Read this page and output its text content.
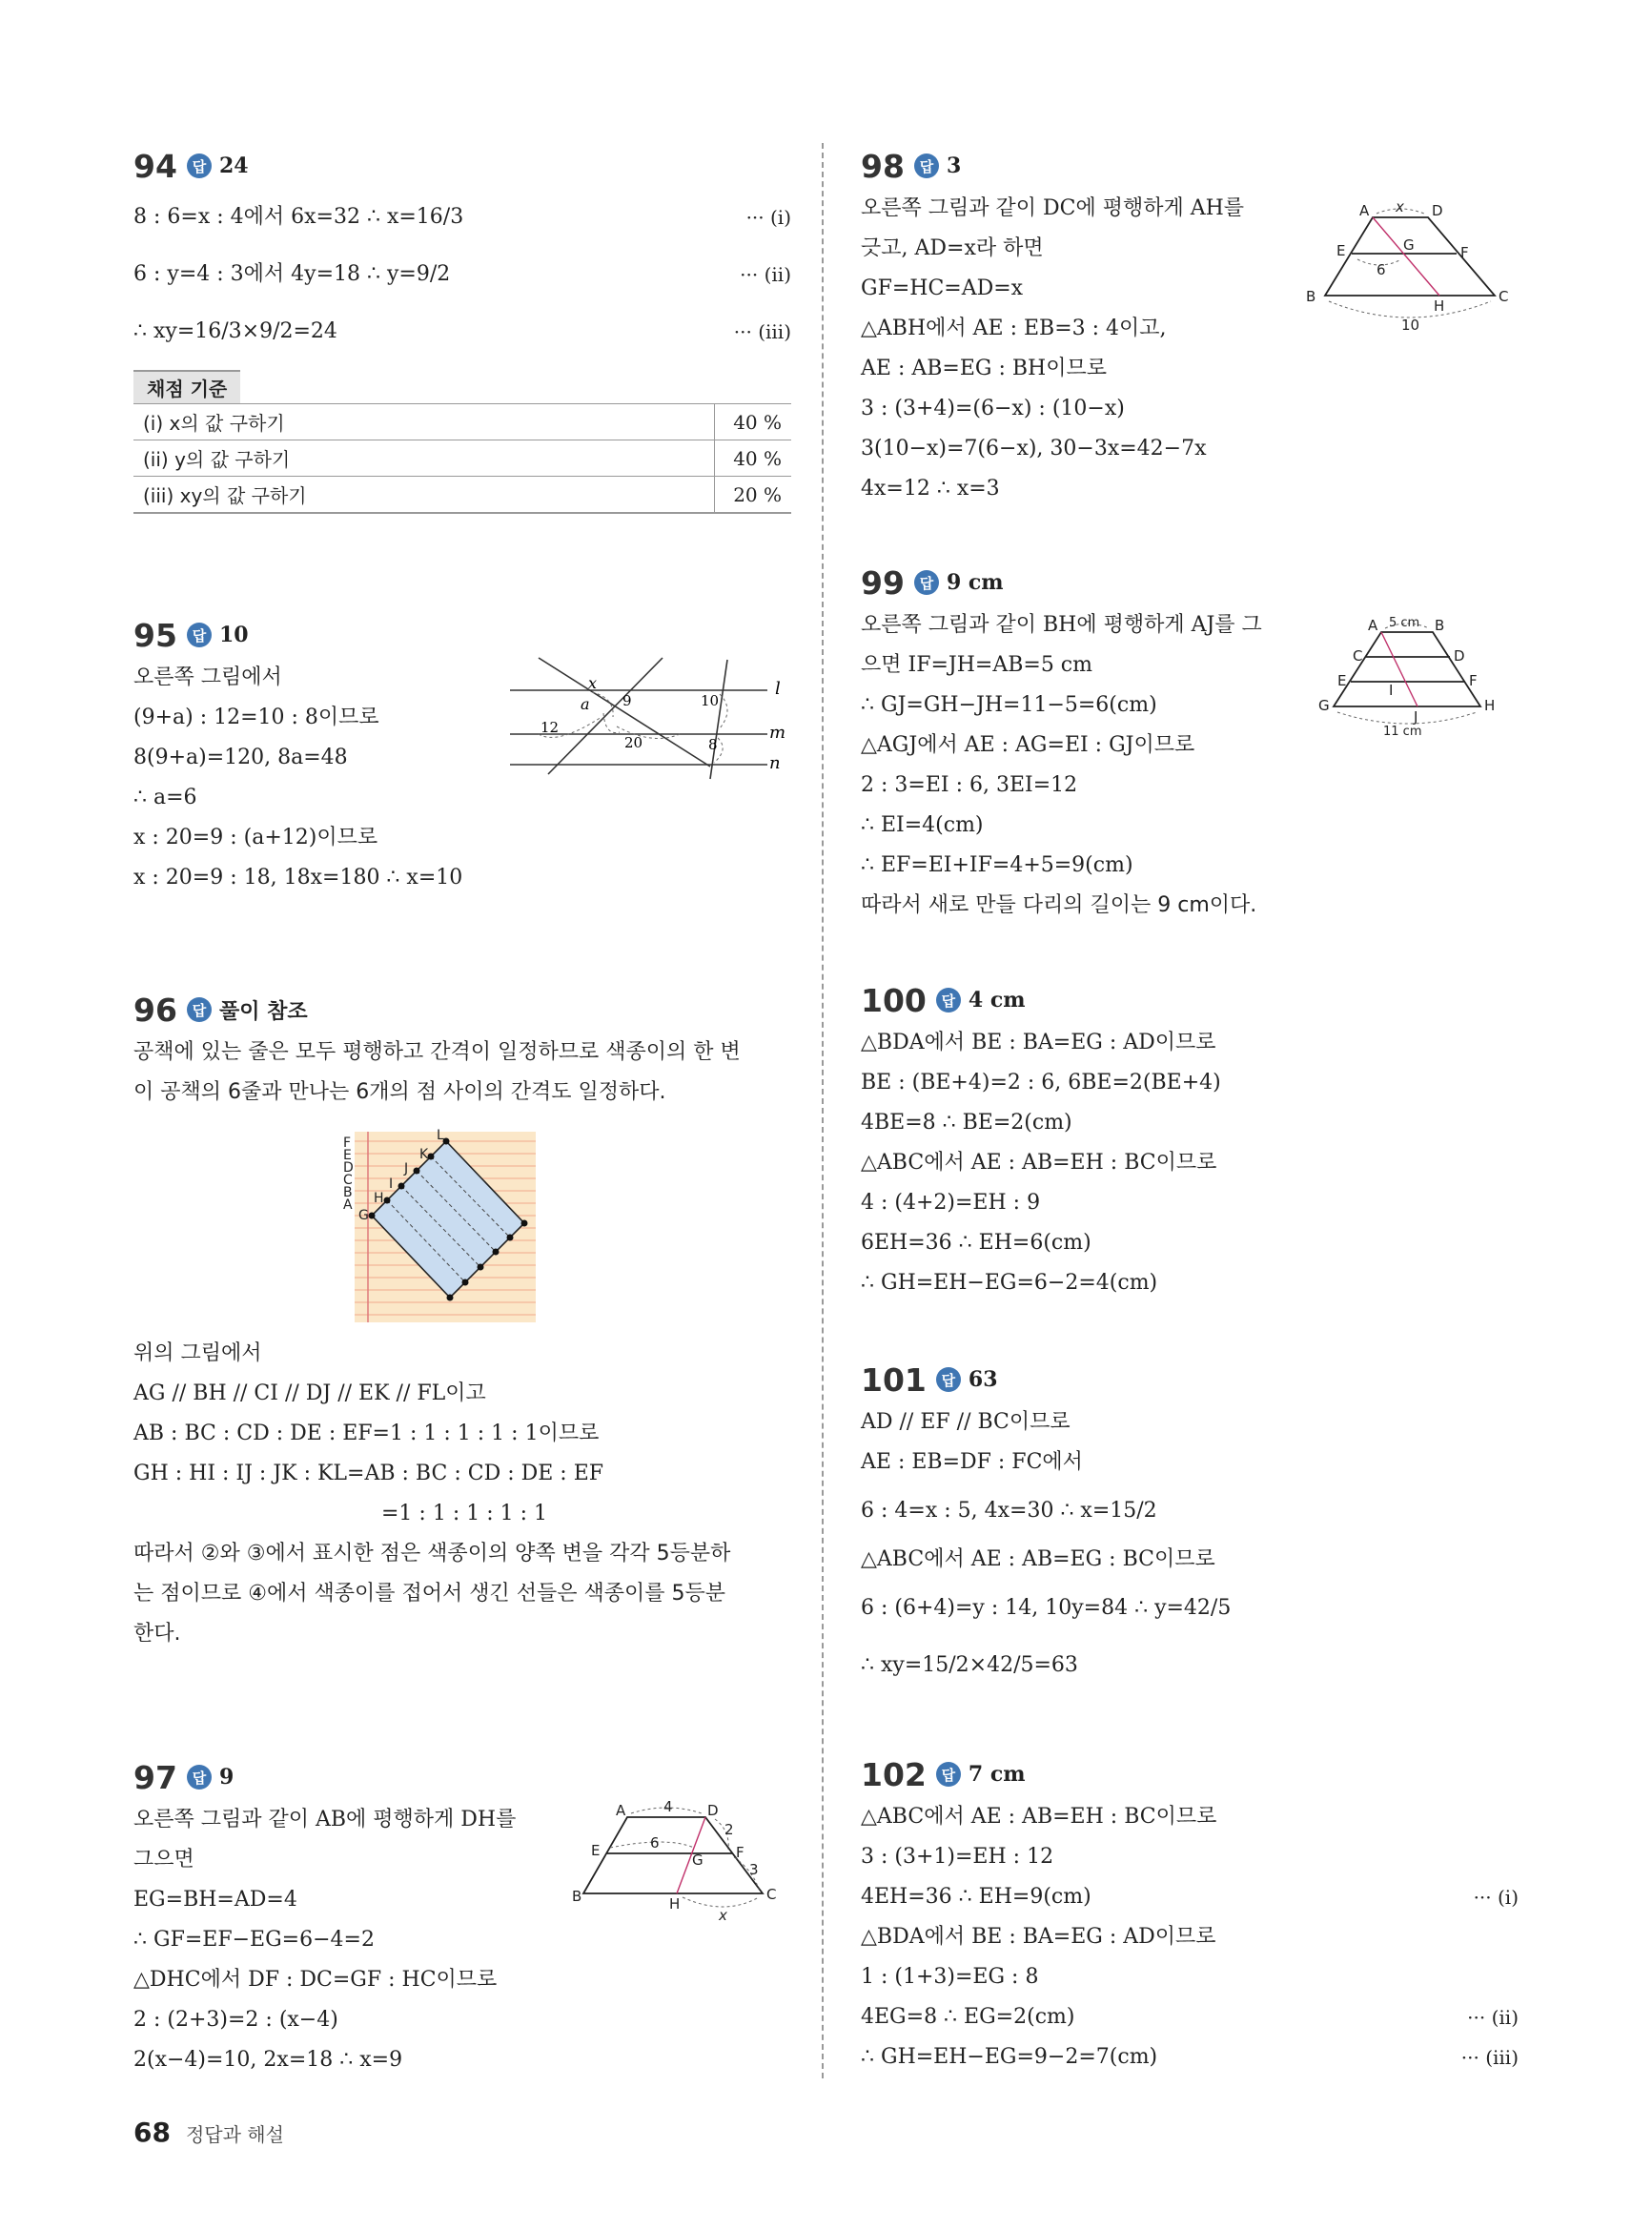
94	답 24
8 : 6=x : 4에서 6x=32 ∴ x=16/3	··· (i)
6 : y=4 : 3에서 4y=18 ∴ y=9/2	··· (ii)
∴ xy=16/3×9/2=24	··· (iii)
채점 기준
(i) x의 값 구하기	40 %
(ii) y의 값 구하기	40 %
(iii) xy의 값 구하기	20 %
95	답 10
오른쪽 그림에서
(9+a) : 12=10 : 8이므로
8(9+a)=120, 8a=48
∴ a=6
x : 20=9 : (a+12)이므로
x : 20=9 : 18, 18x=180 ∴ x=10
l
m
n
x
a 9	10
12
20	8
96	답 풀이 참조
공책에 있는 줄은 모두 평행하고 간격이 일정하므로 색종이의 한 변
이 공책의 6줄과 만나는 6개의 점 사이의 간격도 일정하다.
F
E
D
C
B
A
G
H
I
J
K
L
위의 그림에서
AG // BH // CI // DJ // EK // FL이고
AB : BC : CD : DE : EF=1 : 1 : 1 : 1 : 1이므로
GH : HI : IJ : JK : KL=AB : BC : CD : DE : EF
=1 : 1 : 1 : 1 : 1
따라서 ②와 ③에서 표시한 점은 색종이의 양쪽 변을 각각 5등분하
는 점이므로 ④에서 색종이를 접어서 생긴 선들은 색종이를 5등분
한다.
97	답 9
오른쪽 그림과 같이 AB에 평행하게 DH를
그으면
EG=BH=AD=4
∴ GF=EF−EG=6−4=2
△DHC에서 DF : DC=GF : HC이므로
2 : (2+3)=2 : (x−4)
2(x−4)=10, 2x=18 ∴ x=9
A	D
E	F
G
B	H
C
4
6
2
3
x
98	답 3
오른쪽 그림과 같이 DC에 평행하게 AH를
긋고, AD=x라 하면
GF=HC=AD=x
△ABH에서 AE : EB=3 : 4이고,
AE : AB=EG : BH이므로
3 : (3+4)=(6−x) : (10−x)
3(10−x)=7(6−x), 30−3x=42−7x
4x=12 ∴ x=3
A	D
E	G	F
B
H
C
x
6
10
99	답 9 cm
오른쪽 그림과 같이 BH에 평행하게 AJ를 그
으면 IF=JH=AB=5 cm
∴ GJ=GH−JH=11−5=6(cm)
△AGJ에서 AE : AG=EI : GJ이므로
2 : 3=EI : 6, 3EI=12
∴ EI=4(cm)
∴ EF=EI+IF=4+5=9(cm)
따라서 새로 만들 다리의 길이는 9 cm이다.
A	B
C	D
E	F
G	H
I
J
5 cm
11 cm
100	답 4 cm
△BDA에서 BE : BA=EG : AD이므로
BE : (BE+4)=2 : 6, 6BE=2(BE+4)
4BE=8 ∴ BE=2(cm)
△ABC에서 AE : AB=EH : BC이므로
4 : (4+2)=EH : 9
6EH=36 ∴ EH=6(cm)
∴ GH=EH−EG=6−2=4(cm)
101	답 63
AD // EF // BC이므로
AE : EB=DF : FC에서
6 : 4=x : 5, 4x=30 ∴ x=15/2
△ABC에서 AE : AB=EG : BC이므로
6 : (6+4)=y : 14, 10y=84 ∴ y=42/5
∴ xy=15/2×42/5=63
102	답 7 cm
△ABC에서 AE : AB=EH : BC이므로
3 : (3+1)=EH : 12
4EH=36 ∴ EH=9(cm)	··· (i)
△BDA에서 BE : BA=EG : AD이므로
1 : (1+3)=EG : 8
4EG=8 ∴ EG=2(cm)	··· (ii)
∴ GH=EH−EG=9−2=7(cm)	··· (iii)
68 정답과 해설
